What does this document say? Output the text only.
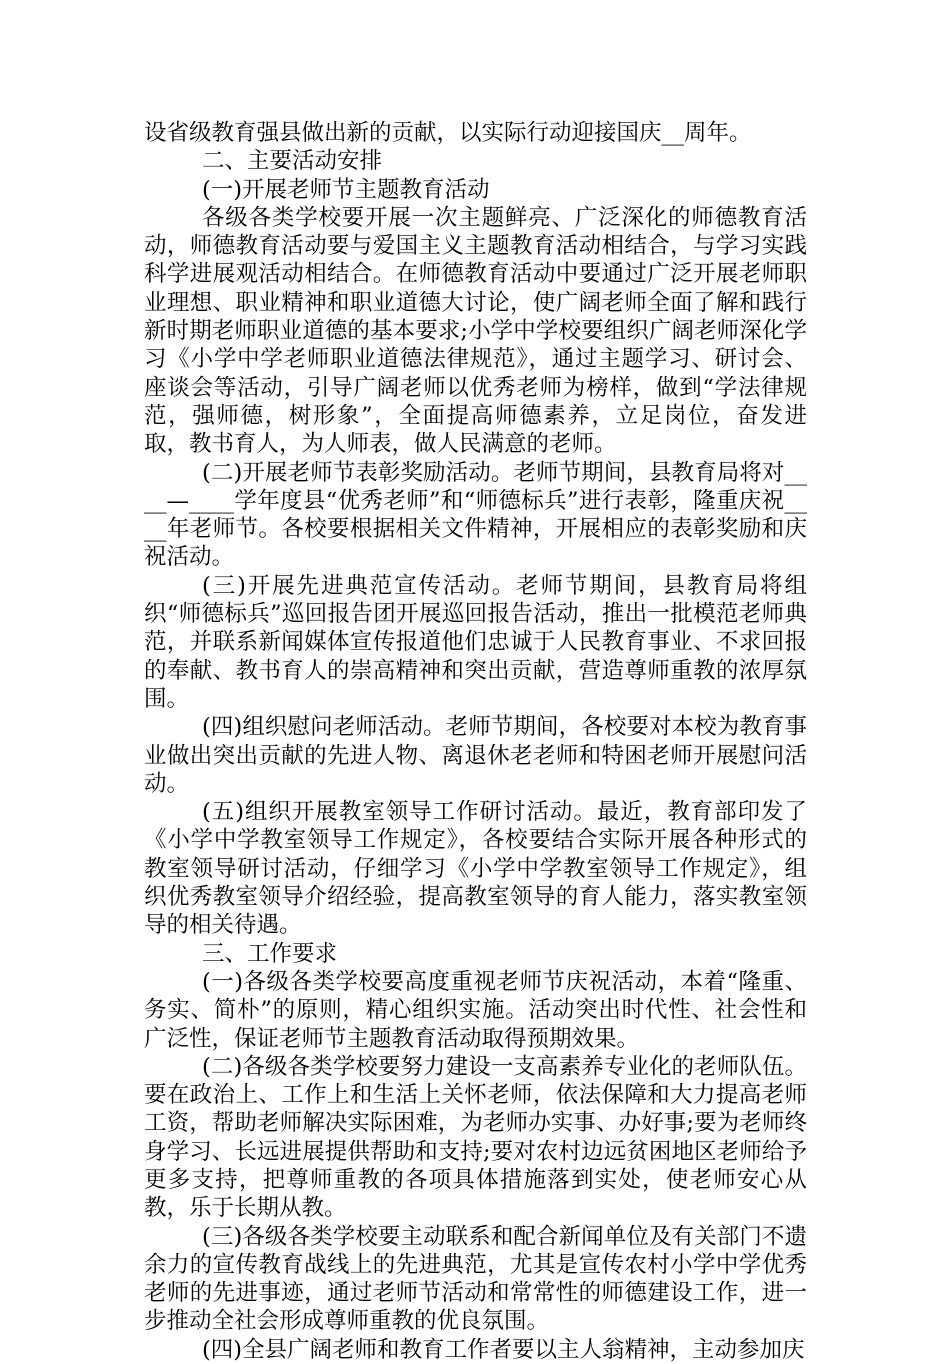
设省级教育强县做出新的贡献，以实际行动迎接国庆__周年。

二、主要活动安排

(一)开展老师节主题教育活动

各级各类学校要开展一次主题鲜亮、广泛深化的师德教育活动，师德教育活动要与爱国主义主题教育活动相结合，与学习实践科学进展观活动相结合。在师德教育活动中要通过广泛开展老师职业理想、职业精神和职业道德大讨论，使广阔老师全面了解和践行新时期老师职业道德的基本要求;小学中学校要组织广阔老师深化学习《小学中学老师职业道德法律规范》，通过主题学习、研讨会、座谈会等活动，引导广阔老师以优秀老师为榜样，做到“学法律规范，强师德，树形象”，全面提高师德素养，立足岗位，奋发进取，教书育人，为人师表，做人民满意的老师。

(二)开展老师节表彰奖励活动。老师节期间，县教育局将对____—____学年度县“优秀老师”和“师德标兵”进行表彰，隆重庆祝____年老师节。各校要根据相关文件精神，开展相应的表彰奖励和庆祝活动。

(三)开展先进典范宣传活动。老师节期间，县教育局将组织“师德标兵”巡回报告团开展巡回报告活动，推出一批模范老师典范，并联系新闻媒体宣传报道他们忠诚于人民教育事业、不求回报的奉献、教书育人的崇高精神和突出贡献，营造尊师重教的浓厚氛围。

(四)组织慰问老师活动。老师节期间，各校要对本校为教育事业做出突出贡献的先进人物、离退休老老师和特困老师开展慰问活动。

(五)组织开展教室领导工作研讨活动。最近，教育部印发了《小学中学教室领导工作规定》，各校要结合实际开展各种形式的教室领导研讨活动，仔细学习《小学中学教室领导工作规定》，组织优秀教室领导介绍经验，提高教室领导的育人能力，落实教室领导的相关待遇。

三、工作要求

(一)各级各类学校要高度重视老师节庆祝活动，本着“隆重、务实、简朴”的原则，精心组织实施。活动突出时代性、社会性和广泛性，保证老师节主题教育活动取得预期效果。

(二)各级各类学校要努力建设一支高素养专业化的老师队伍。要在政治上、工作上和生活上关怀老师，依法保障和大力提高老师工资，帮助老师解决实际困难，为老师办实事、办好事;要为老师终身学习、长远进展提供帮助和支持;要对农村边远贫困地区老师给予更多支持，把尊师重教的各项具体措施落到实处，使老师安心从教，乐于长期从教。

(三)各级各类学校要主动联系和配合新闻单位及有关部门不遗余力的宣传教育战线上的先进典范，尤其是宣传农村小学中学优秀老师的先进事迹，通过老师节活动和常常性的师德建设工作，进一步推动全社会形成尊师重教的优良氛围。

(四)全县广阔老师和教育工作者要以主人翁精神，主动参加庆
